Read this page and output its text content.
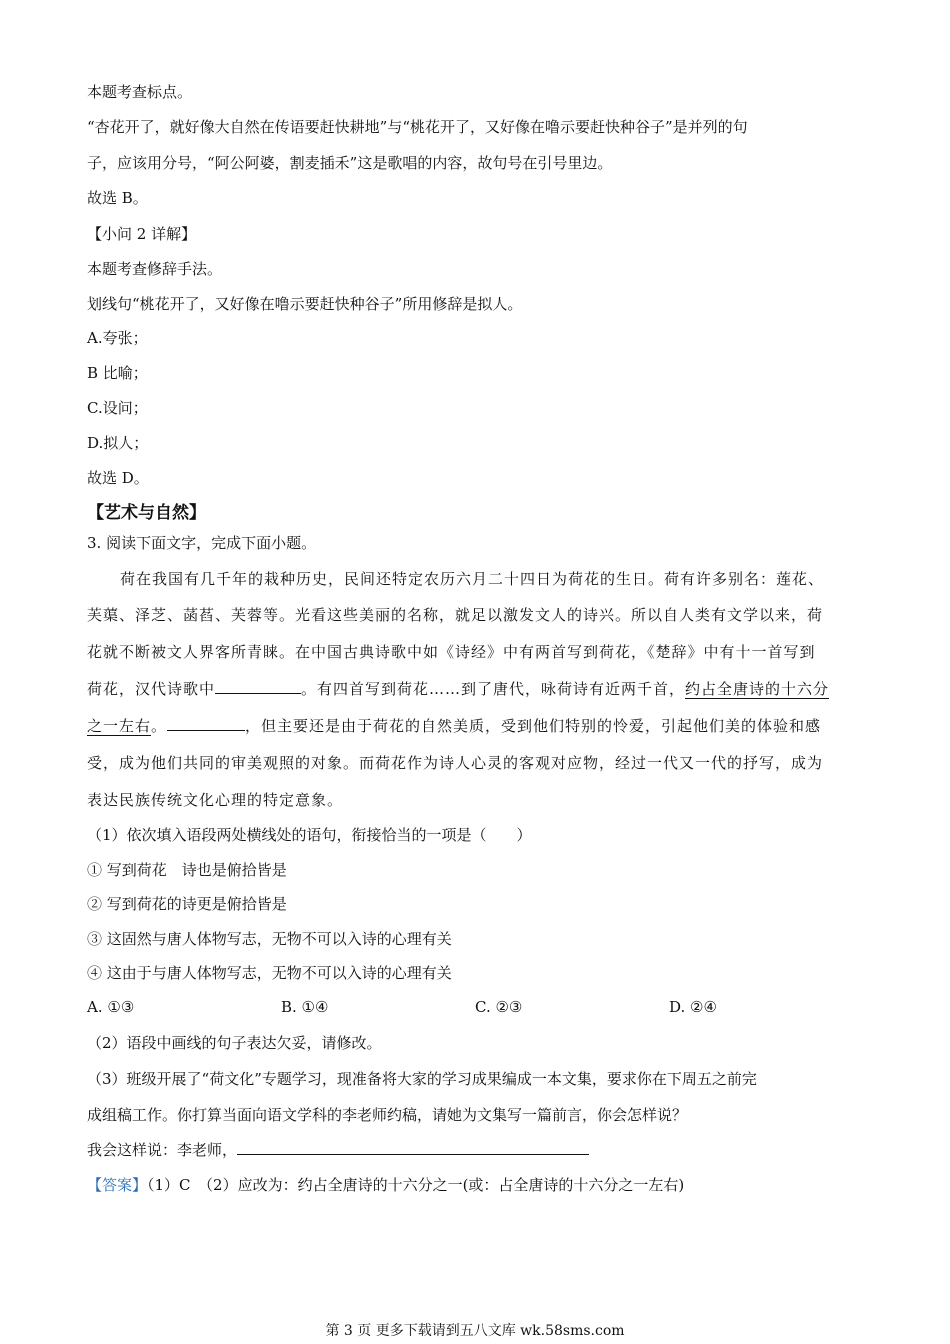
本题考查标点。
“杏花开了，就好像大自然在传语要赶快耕地”与“桃花开了，又好像在噜示要赶快种谷子”是并列的句
子，应该用分号，“阿公阿婆，割麦插禾”这是歌唱的内容，故句号在引号里边。
故选 B。
【小问 2 详解】
本题考查修辞手法。
划线句“桃花开了，又好像在噜示要赶快种谷子”所用修辞是拟人。
A.夸张；
B 比喻；
C.设问；
D.拟人；
故选 D。
【艺术与自然】
3. 阅读下面文字，完成下面小题。
荷在我国有几千年的栽种历史，民间还特定农历六月二十四日为荷花的生日。荷有许多别名：莲花、
芙蕖、泽芝、菡萏、芙蓉等。光看这些美丽的名称，就足以激发文人的诗兴。所以自人类有文学以来，荷
花就不断被文人界客所青睐。在中国古典诗歌中如《诗经》中有两首写到荷花，《楚辞》中有十一首写到
荷花，汉代诗歌中	。有四首写到荷花……到了唐代，咏荷诗有近两千首，约占全唐诗的十六分
之一左右。	，但主要还是由于荷花的自然美质，受到他们特别的怜爱，引起他们美的体验和感
受，成为他们共同的审美观照的对象。而荷花作为诗人心灵的客观对应物，经过一代又一代的抒写，成为
表达民族传统文化心理的特定意象。
（1）依次填入语段两处横线处的语句，衔接恰当的一项是（　　）
① 写到荷花　诗也是俯拾皆是
② 写到荷花的诗更是俯拾皆是
③ 这固然与唐人体物写志，无物不可以入诗的心理有关
④ 这由于与唐人体物写志，无物不可以入诗的心理有关
A. ①③	B. ①④	C. ②③	D. ②④
（2）语段中画线的句子表达欠妥，请修改。
（3）班级开展了“荷文化”专题学习，现准备将大家的学习成果编成一本文集，要求你在下周五之前完
成组稿工作。你打算当面向语文学科的李老师约稿，请她为文集写一篇前言，你会怎样说？
我会这样说：李老师，
【答案】（1）C　（2）应改为：约占全唐诗的十六分之一(或：占全唐诗的十六分之一左右)
第 3 页 更多下载请到五八文库 wk.58sms.com
